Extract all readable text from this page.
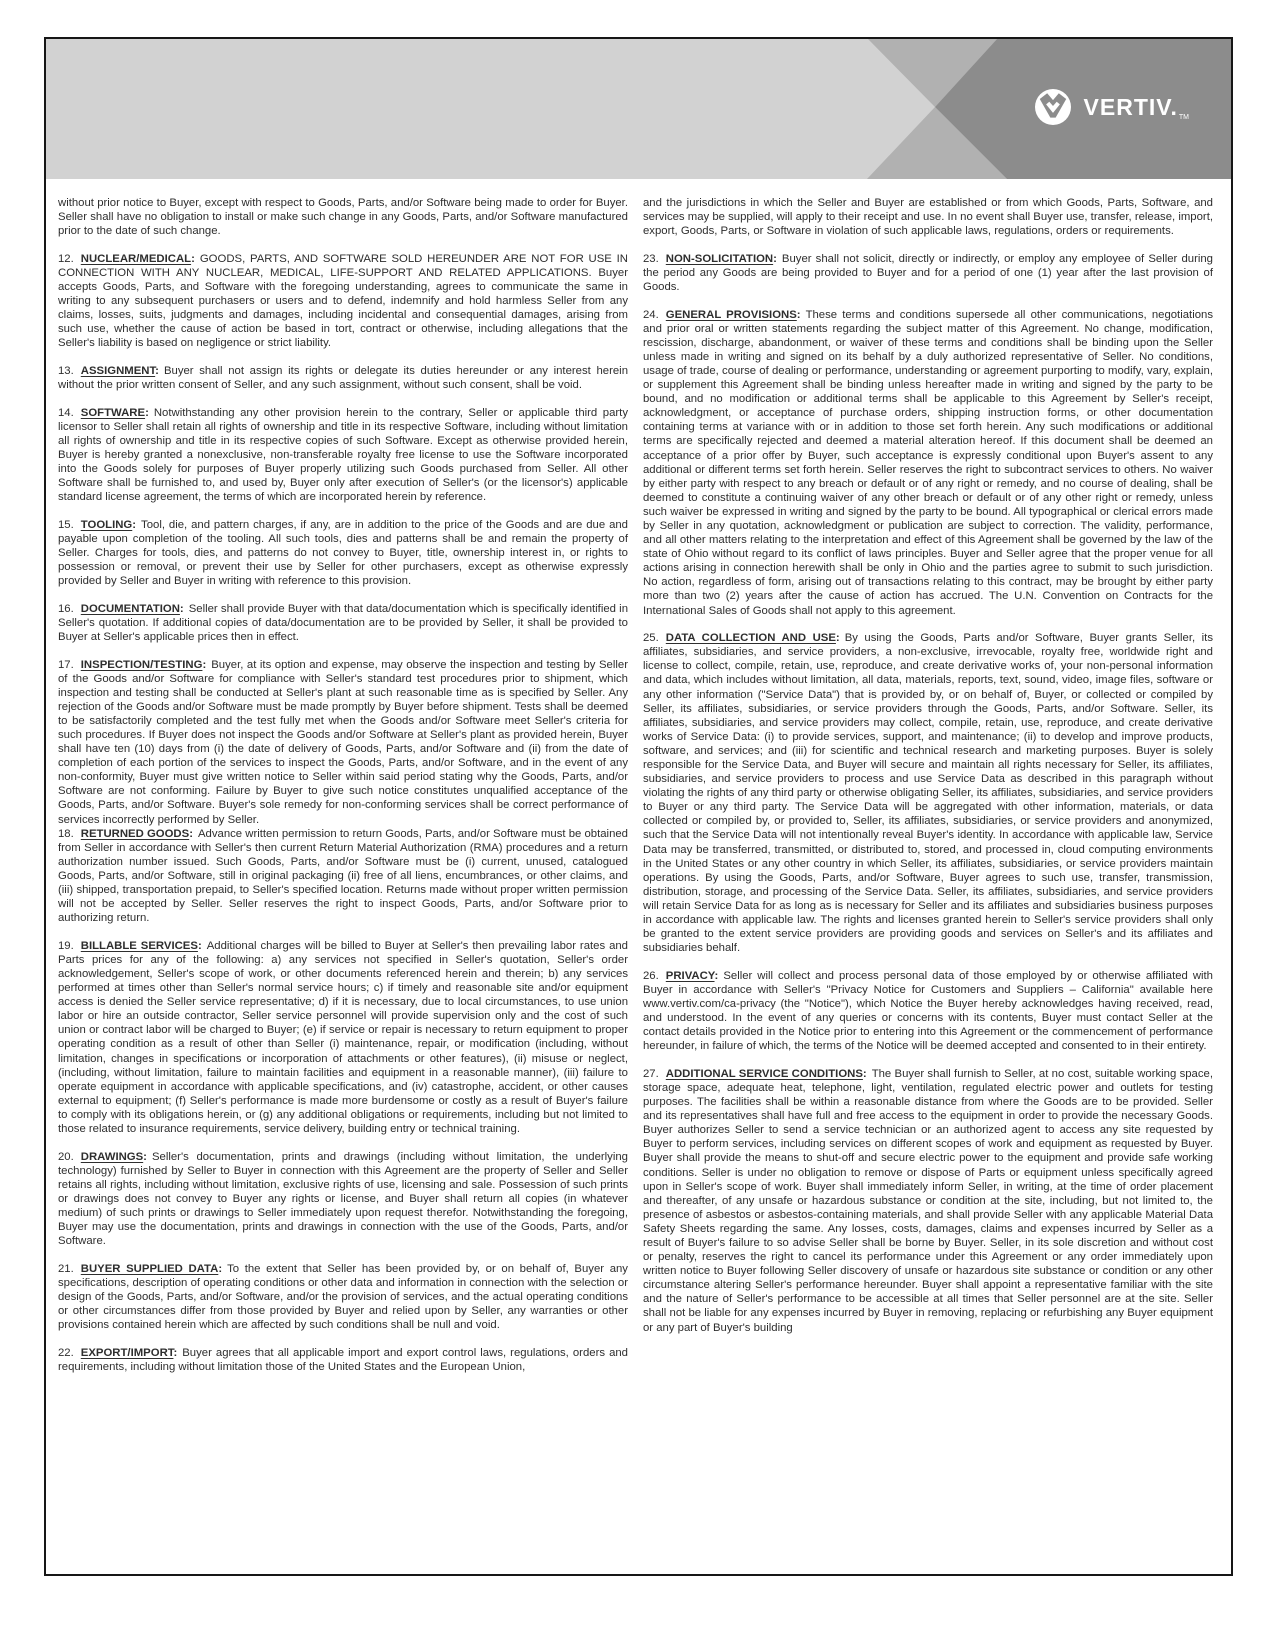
VERTIV. TM

without prior notice to Buyer, except with respect to Goods, Parts, and/or Software being made to order for Buyer. Seller shall have no obligation to install or make such change in any Goods, Parts, and/or Software manufactured prior to the date of such change.

12. NUCLEAR/MEDICAL: GOODS, PARTS, AND SOFTWARE SOLD HEREUNDER ARE NOT FOR USE IN CONNECTION WITH ANY NUCLEAR, MEDICAL, LIFE-SUPPORT AND RELATED APPLICATIONS. Buyer accepts Goods, Parts, and Software with the foregoing understanding, agrees to communicate the same in writing to any subsequent purchasers or users and to defend, indemnify and hold harmless Seller from any claims, losses, suits, judgments and damages, including incidental and consequential damages, arising from such use, whether the cause of action be based in tort, contract or otherwise, including allegations that the Seller's liability is based on negligence or strict liability.

13. ASSIGNMENT: Buyer shall not assign its rights or delegate its duties hereunder or any interest herein without the prior written consent of Seller, and any such assignment, without such consent, shall be void.

14. SOFTWARE: Notwithstanding any other provision herein to the contrary, Seller or applicable third party licensor to Seller shall retain all rights of ownership and title in its respective Software, including without limitation all rights of ownership and title in its respective copies of such Software. Except as otherwise provided herein, Buyer is hereby granted a nonexclusive, non-transferable royalty free license to use the Software incorporated into the Goods solely for purposes of Buyer properly utilizing such Goods purchased from Seller. All other Software shall be furnished to, and used by, Buyer only after execution of Seller's (or the licensor's) applicable standard license agreement, the terms of which are incorporated herein by reference.

15. TOOLING: Tool, die, and pattern charges, if any, are in addition to the price of the Goods and are due and payable upon completion of the tooling. All such tools, dies and patterns shall be and remain the property of Seller. Charges for tools, dies, and patterns do not convey to Buyer, title, ownership interest in, or rights to possession or removal, or prevent their use by Seller for other purchasers, except as otherwise expressly provided by Seller and Buyer in writing with reference to this provision.

16. DOCUMENTATION: Seller shall provide Buyer with that data/documentation which is specifically identified in Seller's quotation. If additional copies of data/documentation are to be provided by Seller, it shall be provided to Buyer at Seller's applicable prices then in effect.

17. INSPECTION/TESTING: Buyer, at its option and expense, may observe the inspection and testing by Seller of the Goods and/or Software for compliance with Seller's standard test procedures prior to shipment, which inspection and testing shall be conducted at Seller's plant at such reasonable time as is specified by Seller. Any rejection of the Goods and/or Software must be made promptly by Buyer before shipment. Tests shall be deemed to be satisfactorily completed and the test fully met when the Goods and/or Software meet Seller's criteria for such procedures. If Buyer does not inspect the Goods and/or Software at Seller's plant as provided herein, Buyer shall have ten (10) days from (i) the date of delivery of Goods, Parts, and/or Software and (ii) from the date of completion of each portion of the services to inspect the Goods, Parts, and/or Software, and in the event of any non-conformity, Buyer must give written notice to Seller within said period stating why the Goods, Parts, and/or Software are not conforming. Failure by Buyer to give such notice constitutes unqualified acceptance of the Goods, Parts, and/or Software. Buyer's sole remedy for non-conforming services shall be correct performance of services incorrectly performed by Seller.

18. RETURNED GOODS: Advance written permission to return Goods, Parts, and/or Software must be obtained from Seller in accordance with Seller's then current Return Material Authorization (RMA) procedures and a return authorization number issued. Such Goods, Parts, and/or Software must be (i) current, unused, catalogued Goods, Parts, and/or Software, still in original packaging (ii) free of all liens, encumbrances, or other claims, and (iii) shipped, transportation prepaid, to Seller's specified location. Returns made without proper written permission will not be accepted by Seller. Seller reserves the right to inspect Goods, Parts, and/or Software prior to authorizing return.

19. BILLABLE SERVICES: Additional charges will be billed to Buyer at Seller's then prevailing labor rates and Parts prices for any of the following: a) any services not specified in Seller's quotation, Seller's order acknowledgement, Seller's scope of work, or other documents referenced herein and therein; b) any services performed at times other than Seller's normal service hours; c) if timely and reasonable site and/or equipment access is denied the Seller service representative; d) if it is necessary, due to local circumstances, to use union labor or hire an outside contractor, Seller service personnel will provide supervision only and the cost of such union or contract labor will be charged to Buyer; (e) if service or repair is necessary to return equipment to proper operating condition as a result of other than Seller (i) maintenance, repair, or modification (including, without limitation, changes in specifications or incorporation of attachments or other features), (ii) misuse or neglect, (including, without limitation, failure to maintain facilities and equipment in a reasonable manner), (iii) failure to operate equipment in accordance with applicable specifications, and (iv) catastrophe, accident, or other causes external to equipment; (f) Seller's performance is made more burdensome or costly as a result of Buyer's failure to comply with its obligations herein, or (g) any additional obligations or requirements, including but not limited to those related to insurance requirements, service delivery, building entry or technical training.

20. DRAWINGS: Seller's documentation, prints and drawings (including without limitation, the underlying technology) furnished by Seller to Buyer in connection with this Agreement are the property of Seller and Seller retains all rights, including without limitation, exclusive rights of use, licensing and sale. Possession of such prints or drawings does not convey to Buyer any rights or license, and Buyer shall return all copies (in whatever medium) of such prints or drawings to Seller immediately upon request therefor. Notwithstanding the foregoing, Buyer may use the documentation, prints and drawings in connection with the use of the Goods, Parts, and/or Software.

21. BUYER SUPPLIED DATA: To the extent that Seller has been provided by, or on behalf of, Buyer any specifications, description of operating conditions or other data and information in connection with the selection or design of the Goods, Parts, and/or Software, and/or the provision of services, and the actual operating conditions or other circumstances differ from those provided by Buyer and relied upon by Seller, any warranties or other provisions contained herein which are affected by such conditions shall be null and void.

22. EXPORT/IMPORT: Buyer agrees that all applicable import and export control laws, regulations, orders and requirements, including without limitation those of the United States and the European Union,

and the jurisdictions in which the Seller and Buyer are established or from which Goods, Parts, Software, and services may be supplied, will apply to their receipt and use. In no event shall Buyer use, transfer, release, import, export, Goods, Parts, or Software in violation of such applicable laws, regulations, orders or requirements.

23. NON-SOLICITATION: Buyer shall not solicit, directly or indirectly, or employ any employee of Seller during the period any Goods are being provided to Buyer and for a period of one (1) year after the last provision of Goods.

24. GENERAL PROVISIONS: These terms and conditions supersede all other communications, negotiations and prior oral or written statements regarding the subject matter of this Agreement. No change, modification, rescission, discharge, abandonment, or waiver of these terms and conditions shall be binding upon the Seller unless made in writing and signed on its behalf by a duly authorized representative of Seller. No conditions, usage of trade, course of dealing or performance, understanding or agreement purporting to modify, vary, explain, or supplement this Agreement shall be binding unless hereafter made in writing and signed by the party to be bound, and no modification or additional terms shall be applicable to this Agreement by Seller's receipt, acknowledgment, or acceptance of purchase orders, shipping instruction forms, or other documentation containing terms at variance with or in addition to those set forth herein. Any such modifications or additional terms are specifically rejected and deemed a material alteration hereof. If this document shall be deemed an acceptance of a prior offer by Buyer, such acceptance is expressly conditional upon Buyer's assent to any additional or different terms set forth herein. Seller reserves the right to subcontract services to others. No waiver by either party with respect to any breach or default or of any right or remedy, and no course of dealing, shall be deemed to constitute a continuing waiver of any other breach or default or of any other right or remedy, unless such waiver be expressed in writing and signed by the party to be bound. All typographical or clerical errors made by Seller in any quotation, acknowledgment or publication are subject to correction. The validity, performance, and all other matters relating to the interpretation and effect of this Agreement shall be governed by the law of the state of Ohio without regard to its conflict of laws principles. Buyer and Seller agree that the proper venue for all actions arising in connection herewith shall be only in Ohio and the parties agree to submit to such jurisdiction. No action, regardless of form, arising out of transactions relating to this contract, may be brought by either party more than two (2) years after the cause of action has accrued. The U.N. Convention on Contracts for the International Sales of Goods shall not apply to this agreement.

25. DATA COLLECTION AND USE: By using the Goods, Parts and/or Software, Buyer grants Seller, its affiliates, subsidiaries, and service providers, a non-exclusive, irrevocable, royalty free, worldwide right and license to collect, compile, retain, use, reproduce, and create derivative works of, your non-personal information and data, which includes without limitation, all data, materials, reports, text, sound, video, image files, software or any other information ("Service Data") that is provided by, or on behalf of, Buyer, or collected or compiled by Seller, its affiliates, subsidiaries, or service providers through the Goods, Parts, and/or Software. Seller, its affiliates, subsidiaries, and service providers may collect, compile, retain, use, reproduce, and create derivative works of Service Data: (i) to provide services, support, and maintenance; (ii) to develop and improve products, software, and services; and (iii) for scientific and technical research and marketing purposes. Buyer is solely responsible for the Service Data, and Buyer will secure and maintain all rights necessary for Seller, its affiliates, subsidiaries, and service providers to process and use Service Data as described in this paragraph without violating the rights of any third party or otherwise obligating Seller, its affiliates, subsidiaries, and service providers to Buyer or any third party. The Service Data will be aggregated with other information, materials, or data collected or compiled by, or provided to, Seller, its affiliates, subsidiaries, or service providers and anonymized, such that the Service Data will not intentionally reveal Buyer's identity. In accordance with applicable law, Service Data may be transferred, transmitted, or distributed to, stored, and processed in, cloud computing environments in the United States or any other country in which Seller, its affiliates, subsidiaries, or service providers maintain operations. By using the Goods, Parts, and/or Software, Buyer agrees to such use, transfer, transmission, distribution, storage, and processing of the Service Data. Seller, its affiliates, subsidiaries, and service providers will retain Service Data for as long as is necessary for Seller and its affiliates and subsidiaries business purposes in accordance with applicable law. The rights and licenses granted herein to Seller's service providers shall only be granted to the extent service providers are providing goods and services on Seller's and its affiliates and subsidiaries behalf.

26. PRIVACY: Seller will collect and process personal data of those employed by or otherwise affiliated with Buyer in accordance with Seller's "Privacy Notice for Customers and Suppliers – California" available here www.vertiv.com/ca-privacy (the "Notice"), which Notice the Buyer hereby acknowledges having received, read, and understood. In the event of any queries or concerns with its contents, Buyer must contact Seller at the contact details provided in the Notice prior to entering into this Agreement or the commencement of performance hereunder, in failure of which, the terms of the Notice will be deemed accepted and consented to in their entirety.

27. ADDITIONAL SERVICE CONDITIONS: The Buyer shall furnish to Seller, at no cost, suitable working space, storage space, adequate heat, telephone, light, ventilation, regulated electric power and outlets for testing purposes. The facilities shall be within a reasonable distance from where the Goods are to be provided. Seller and its representatives shall have full and free access to the equipment in order to provide the necessary Goods. Buyer authorizes Seller to send a service technician or an authorized agent to access any site requested by Buyer to perform services, including services on different scopes of work and equipment as requested by Buyer. Buyer shall provide the means to shut-off and secure electric power to the equipment and provide safe working conditions. Seller is under no obligation to remove or dispose of Parts or equipment unless specifically agreed upon in Seller's scope of work. Buyer shall immediately inform Seller, in writing, at the time of order placement and thereafter, of any unsafe or hazardous substance or condition at the site, including, but not limited to, the presence of asbestos or asbestos-containing materials, and shall provide Seller with any applicable Material Data Safety Sheets regarding the same. Any losses, costs, damages, claims and expenses incurred by Seller as a result of Buyer's failure to so advise Seller shall be borne by Buyer. Seller, in its sole discretion and without cost or penalty, reserves the right to cancel its performance under this Agreement or any order immediately upon written notice to Buyer following Seller discovery of unsafe or hazardous site substance or condition or any other circumstance altering Seller's performance hereunder. Buyer shall appoint a representative familiar with the site and the nature of Seller's performance to be accessible at all times that Seller personnel are at the site. Seller shall not be liable for any expenses incurred by Buyer in removing, replacing or refurbishing any Buyer equipment or any part of Buyer's building
